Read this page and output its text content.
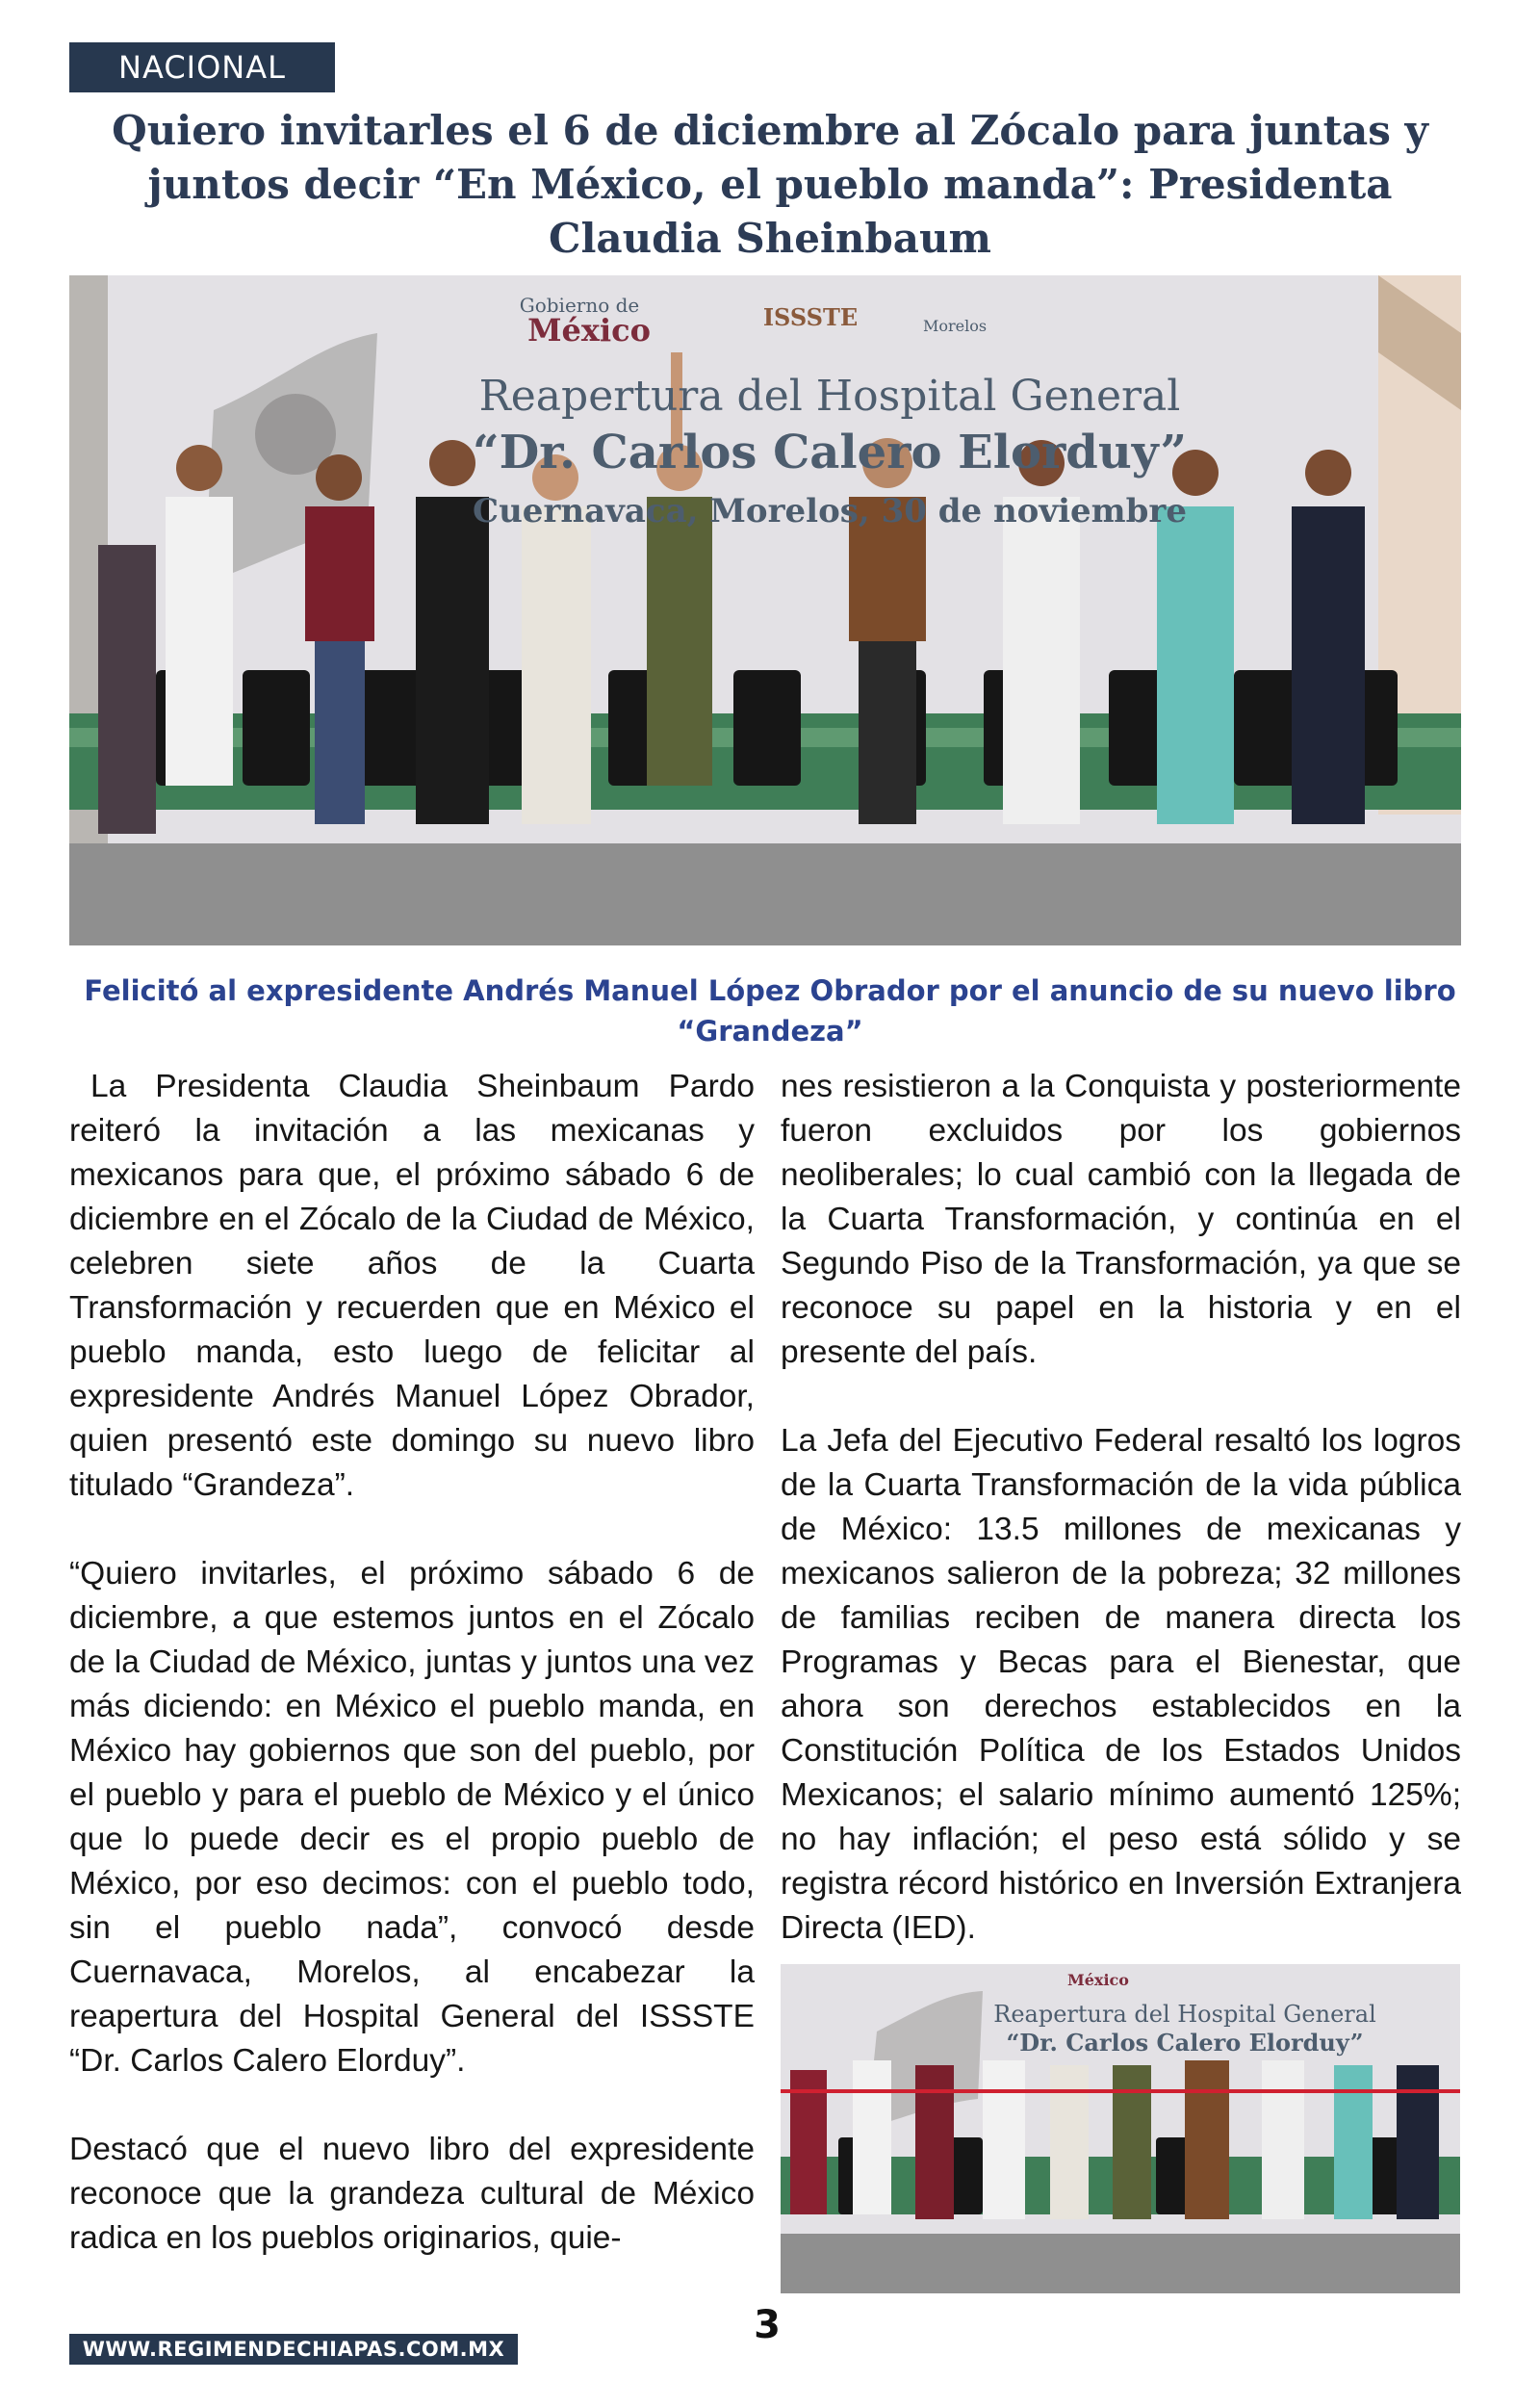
NACIONAL
Quiero invitarles el 6 de diciembre al Zócalo para juntas y juntos decir “En México, el pueblo manda”: Presidenta Claudia Sheinbaum
Gobierno de
México	ISSSTE	Morelos
Reapertura del Hospital General
“Dr. Carlos Calero Elorduy”
Cuernavaca, Morelos, 30 de noviembre

Felicitó al expresidente Andrés Manuel López Obrador por el anuncio de su nuevo libro “Grandeza”

La Presidenta Claudia Sheinbaum Pardo reiteró la invitación a las mexicanas y mexicanos para que, el próximo sábado 6 de diciembre en el Zócalo de la Ciudad de México, celebren siete años de la Cuarta Transformación y recuerden que en México el pueblo manda, esto luego de felicitar al expresidente Andrés Manuel López Obrador, quien presentó este domingo su nuevo libro titulado “Grandeza”.

“Quiero invitarles, el próximo sábado 6 de diciembre, a que estemos juntos en el Zócalo de la Ciudad de México, juntas y juntos una vez más diciendo: en México el pueblo manda, en México hay gobiernos que son del pueblo, por el pueblo y para el pueblo de México y el único que lo puede decir es el propio pueblo de México, por eso decimos: con el pueblo todo, sin el pueblo nada”, convocó desde Cuernavaca, Morelos, al encabezar la reapertura del Hospital General del ISSSTE “Dr. Carlos Calero Elorduy”.

Destacó que el nuevo libro del expresidente reconoce que la grandeza cultural de México radica en los pueblos originarios, quie-

nes resistieron a la Conquista y posteriormente fueron excluidos por los gobiernos neoliberales; lo cual cambió con la llegada de la Cuarta Transformación, y continúa en el Segundo Piso de la Transformación, ya que se reconoce su papel en la historia y en el presente del país.

La Jefa del Ejecutivo Federal resaltó los logros de la Cuarta Transformación de la vida pública de México: 13.5 millones de mexicanas y mexicanos salieron de la pobreza; 32 millones de familias reciben de manera directa los Programas y Becas para el Bienestar, que ahora son derechos establecidos en la Constitución Política de los Estados Unidos Mexicanos; el salario mínimo aumentó 125%; no hay inflación; el peso está sólido y se registra récord histórico en Inversión Extranjera Directa (IED).

México
Reapertura del Hospital General
“Dr. Carlos Calero Elorduy”
3
WWW.REGIMENDECHIAPAS.COM.MX
